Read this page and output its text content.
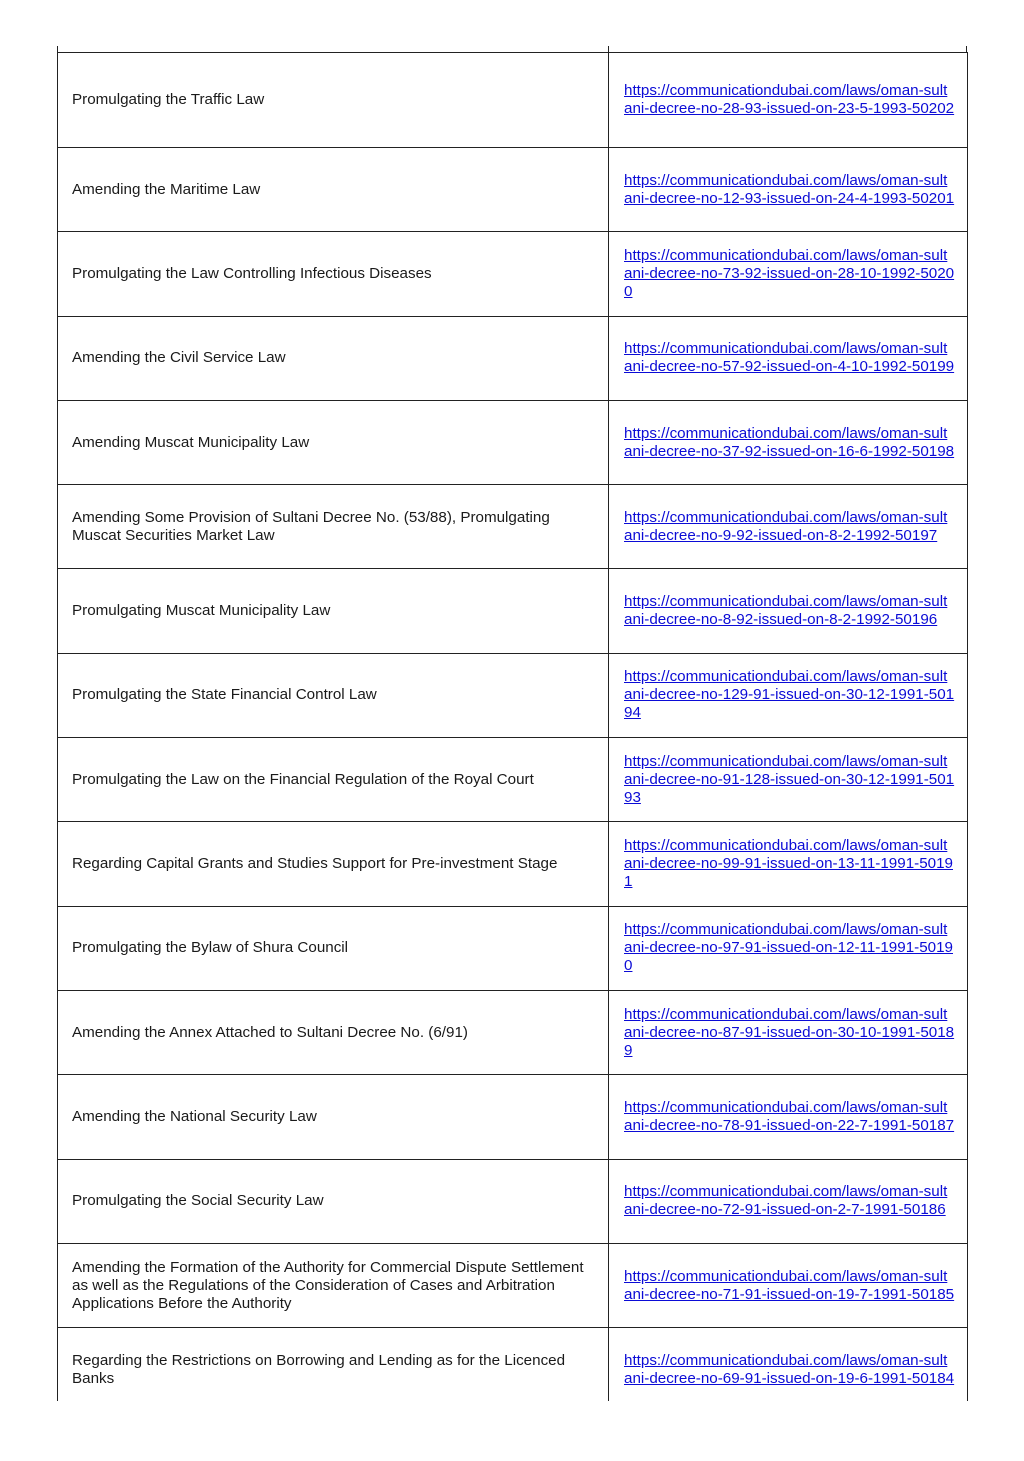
Promulgating the Traffic Law	https://communicationdubai.com/laws/oman-sultani-decree-no-28-93-issued-on-23-5-1993-50202
Amending the Maritime Law	https://communicationdubai.com/laws/oman-sultani-decree-no-12-93-issued-on-24-4-1993-50201
Promulgating the Law Controlling Infectious Diseases	https://communicationdubai.com/laws/oman-sultani-decree-no-73-92-issued-on-28-10-1992-50200
Amending the Civil Service Law	https://communicationdubai.com/laws/oman-sultani-decree-no-57-92-issued-on-4-10-1992-50199
Amending Muscat Municipality Law	https://communicationdubai.com/laws/oman-sultani-decree-no-37-92-issued-on-16-6-1992-50198
Amending Some Provision of Sultani Decree No. (53/88), Promulgating Muscat Securities Market Law	https://communicationdubai.com/laws/oman-sultani-decree-no-9-92-issued-on-8-2-1992-50197
Promulgating Muscat Municipality Law	https://communicationdubai.com/laws/oman-sultani-decree-no-8-92-issued-on-8-2-1992-50196
Promulgating the State Financial Control Law	https://communicationdubai.com/laws/oman-sultani-decree-no-129-91-issued-on-30-12-1991-50194
Promulgating the Law on the Financial Regulation of the Royal Court	https://communicationdubai.com/laws/oman-sultani-decree-no-91-128-issued-on-30-12-1991-50193
Regarding Capital Grants and Studies Support for Pre-investment Stage	https://communicationdubai.com/laws/oman-sultani-decree-no-99-91-issued-on-13-11-1991-50191
Promulgating the Bylaw of Shura Council	https://communicationdubai.com/laws/oman-sultani-decree-no-97-91-issued-on-12-11-1991-50190
Amending the Annex Attached to Sultani Decree No. (6/91)	https://communicationdubai.com/laws/oman-sultani-decree-no-87-91-issued-on-30-10-1991-50189
Amending the National Security Law	https://communicationdubai.com/laws/oman-sultani-decree-no-78-91-issued-on-22-7-1991-50187
Promulgating the Social Security Law	https://communicationdubai.com/laws/oman-sultani-decree-no-72-91-issued-on-2-7-1991-50186
Amending the Formation of the Authority for Commercial Dispute Settlement as well as the Regulations of the Consideration of Cases and Arbitration Applications Before the Authority	https://communicationdubai.com/laws/oman-sultani-decree-no-71-91-issued-on-19-7-1991-50185
Regarding the Restrictions on Borrowing and Lending as for the Licenced Banks	https://communicationdubai.com/laws/oman-sultani-decree-no-69-91-issued-on-19-6-1991-50184
